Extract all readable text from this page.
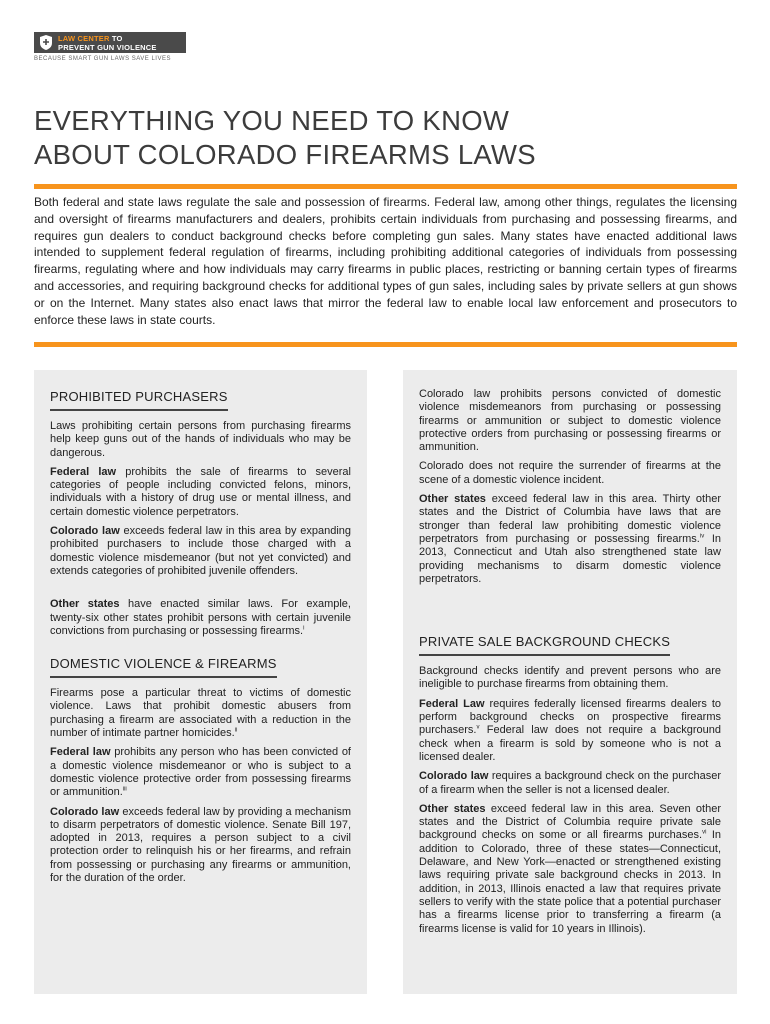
LAW CENTER TO
PREVENT GUN VIOLENCE
BECAUSE SMART GUN LAWS SAVE LIVES
EVERYTHING YOU NEED TO KNOW
ABOUT COLORADO FIREARMS LAWS

Both federal and state laws regulate the sale and possession of firearms. Federal law, among other things, regulates the licensing and oversight of firearms manufacturers and dealers, prohibits certain individuals from purchasing and possessing firearms, and requires gun dealers to conduct background checks before completing gun sales. Many states have enacted additional laws intended to supplement federal regulation of firearms, including prohibiting additional categories of individuals from possessing firearms, regulating where and how individuals may carry firearms in public places, restricting or banning certain types of firearms and accessories, and requiring background checks for additional types of gun sales, including sales by private sellers at gun shows or on the Internet. Many states also enact laws that mirror the federal law to enable local law enforcement and prosecutors to enforce these laws in state courts.

PROHIBITED PURCHASERS

Laws prohibiting certain persons from purchasing firearms help keep guns out of the hands of individuals who may be dangerous.

Federal law prohibits the sale of firearms to several categories of people including convicted felons, minors, individuals with a history of drug use or mental illness, and certain domestic violence perpetrators.

Colorado law exceeds federal law in this area by expanding prohibited purchasers to include those charged with a domestic violence misdemeanor (but not yet convicted) and extends categories of prohibited juvenile offenders.

Other states have enacted similar laws. For example, twenty-six other states prohibit persons with certain juvenile convictions from purchasing or possessing firearms.$^i$

DOMESTIC VIOLENCE & FIREARMS

Firearms pose a particular threat to victims of domestic violence. Laws that prohibit domestic abusers from purchasing a firearm are associated with a reduction in the number of intimate partner homicides.$^{ii}$

Federal law prohibits any person who has been convicted of a domestic violence misdemeanor or who is subject to a domestic violence protective order from possessing firearms or ammunition.$^{iii}$

Colorado law exceeds federal law by providing a mechanism to disarm perpetrators of domestic violence. Senate Bill 197, adopted in 2013, requires a person subject to a civil protection order to relinquish his or her firearms, and refrain from possessing or purchasing any firearms or ammunition, for the duration of the order.

Colorado law prohibits persons convicted of domestic violence misdemeanors from purchasing or possessing firearms or ammunition or subject to domestic violence protective orders from purchasing or possessing firearms or ammunition.

Colorado does not require the surrender of firearms at the scene of a domestic violence incident.

Other states exceed federal law in this area. Thirty other states and the District of Columbia have laws that are stronger than federal law prohibiting domestic violence perpetrators from purchasing or possessing firearms.$^{iv}$ In 2013, Connecticut and Utah also strengthened state law providing mechanisms to disarm domestic violence perpetrators.

PRIVATE SALE BACKGROUND CHECKS

Background checks identify and prevent persons who are ineligible to purchase firearms from obtaining them.

Federal Law requires federally licensed firearms dealers to perform background checks on prospective firearms purchasers.$^v$ Federal law does not require a background check when a firearm is sold by someone who is not a licensed dealer.

Colorado law requires a background check on the purchaser of a firearm when the seller is not a licensed dealer.

Other states exceed federal law in this area. Seven other states and the District of Columbia require private sale background checks on some or all firearms purchases.$^{vi}$ In addition to Colorado, three of these states—Connecticut, Delaware, and New York—enacted or strengthened existing laws requiring private sale background checks in 2013. In addition, in 2013, Illinois enacted a law that requires private sellers to verify with the state police that a potential purchaser has a firearms license prior to transferring a firearm (a firearms license is valid for 10 years in Illinois).
